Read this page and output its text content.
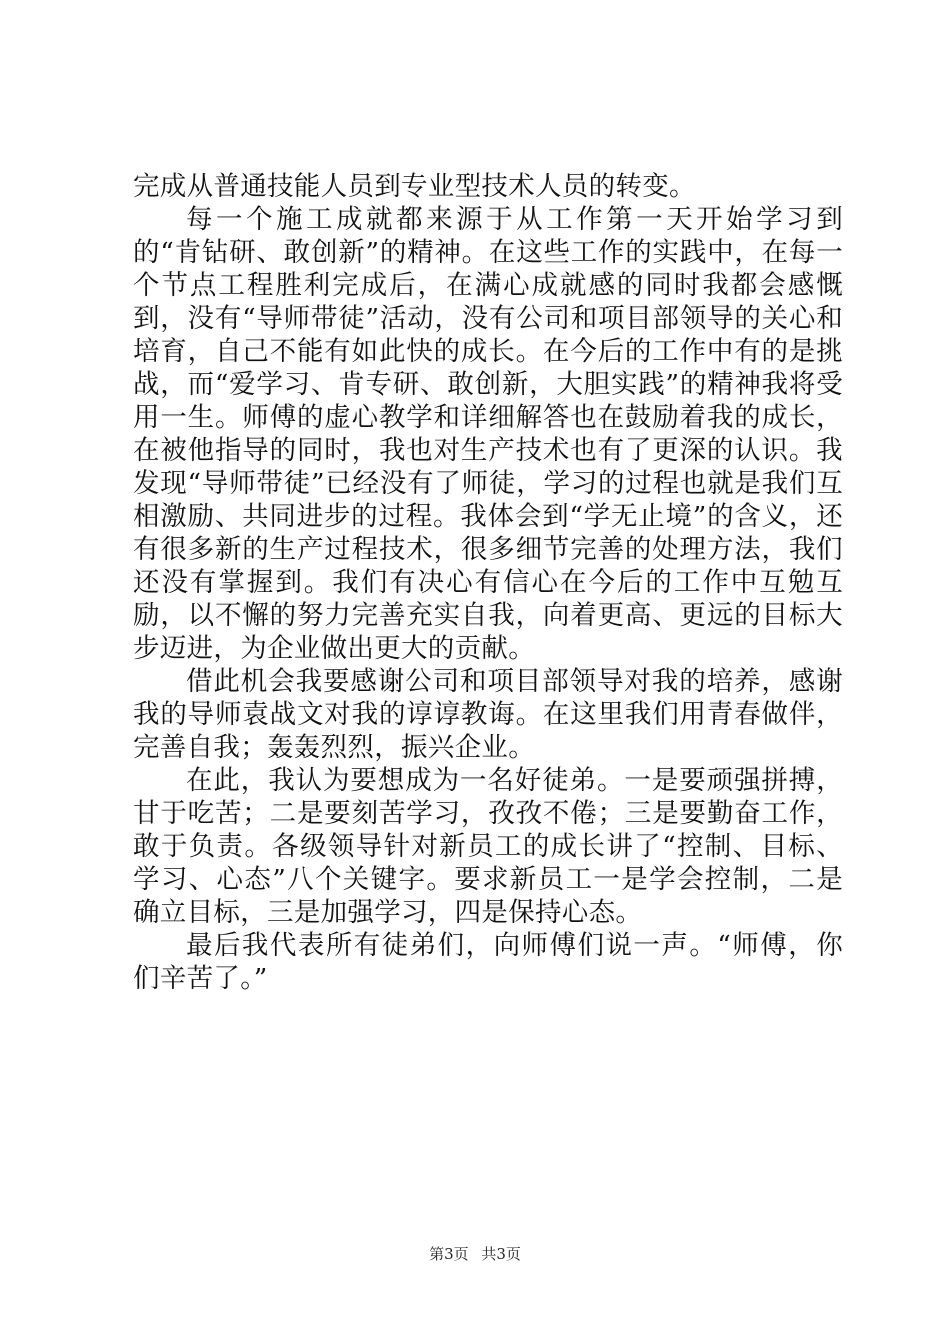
完成从普通技能人员到专业型技术人员的转变。

每一个施工成就都来源于从工作第一天开始学习到的“肯钻研、敢创新”的精神。在这些工作的实践中，在每一个节点工程胜利完成后，在满心成就感的同时我都会感慨到，没有“导师带徒”活动，没有公司和项目部领导的关心和培育，自己不能有如此快的成长。在今后的工作中有的是挑战，而“爱学习、肯专研、敢创新，大胆实践”的精神我将受用一生。师傅的虚心教学和详细解答也在鼓励着我的成长，在被他指导的同时，我也对生产技术也有了更深的认识。我发现“导师带徒”已经没有了师徒，学习的过程也就是我们互相激励、共同进步的过程。我体会到“学无止境”的含义，还有很多新的生产过程技术，很多细节完善的处理方法，我们还没有掌握到。我们有决心有信心在今后的工作中互勉互励，以不懈的努力完善充实自我，向着更高、更远的目标大步迈进，为企业做出更大的贡献。

借此机会我要感谢公司和项目部领导对我的培养，感谢我的导师袁战文对我的谆谆教诲。在这里我们用青春做伴，完善自我；轰轰烈烈，振兴企业。

在此，我认为要想成为一名好徒弟。一是要顽强拼搏，甘于吃苦；二是要刻苦学习，孜孜不倦；三是要勤奋工作，敢于负责。各级领导针对新员工的成长讲了“控制、目标、学习、心态”八个关键字。要求新员工一是学会控制，二是确立目标，三是加强学习，四是保持心态。

最后我代表所有徒弟们，向师傅们说一声。“师傅，你们辛苦了。”

第3页 共3页
